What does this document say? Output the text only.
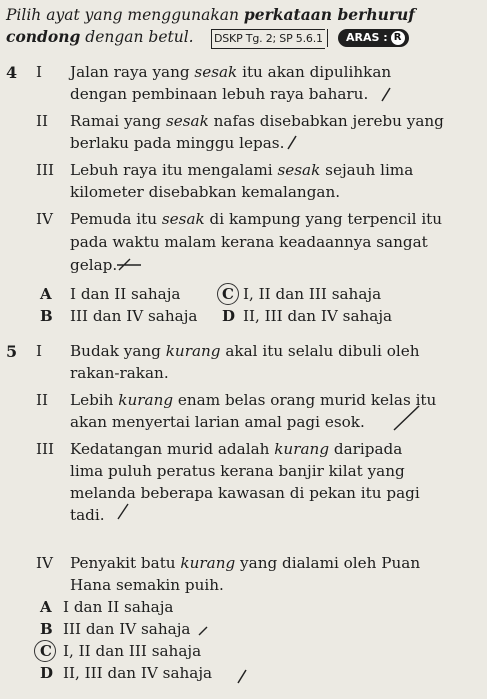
Pilih ayat yang menggunakan perkataan berhuruf
condong dengan betul. DSKP Tg. 2; SP 5.6.1	ARAS : R
4 I Jalan raya yang sesak itu akan dipulihkan
dengan pembinaan lebuh raya baharu.
II Ramai yang sesak nafas disebabkan jerebu yang
berlaku pada minggu lepas.
III Lebuh raya itu mengalami sesak sejauh lima
kilometer disebabkan kemalangan.
IV Pemuda itu sesak di kampung yang terpencil itu
pada waktu malam kerana keadaannya sangat
gelap.
A I dan II sahaja	C I, II dan III sahaja
B III dan IV sahaja D II, III dan IV sahaja
5 I Budak yang kurang akal itu selalu dibuli oleh
rakan-rakan.
II Lebih kurang enam belas orang murid kelas itu
akan menyertai larian amal pagi esok.
III Kedatangan murid adalah kurang daripada
lima puluh peratus kerana banjir kilat yang
melanda beberapa kawasan di pekan itu pagi
tadi.
IV Penyakit batu kurang yang dialami oleh Puan
Hana semakin puih.
A I dan II sahaja
B III dan IV sahaja
C I, II dan III sahaja
D II, III dan IV sahaja
